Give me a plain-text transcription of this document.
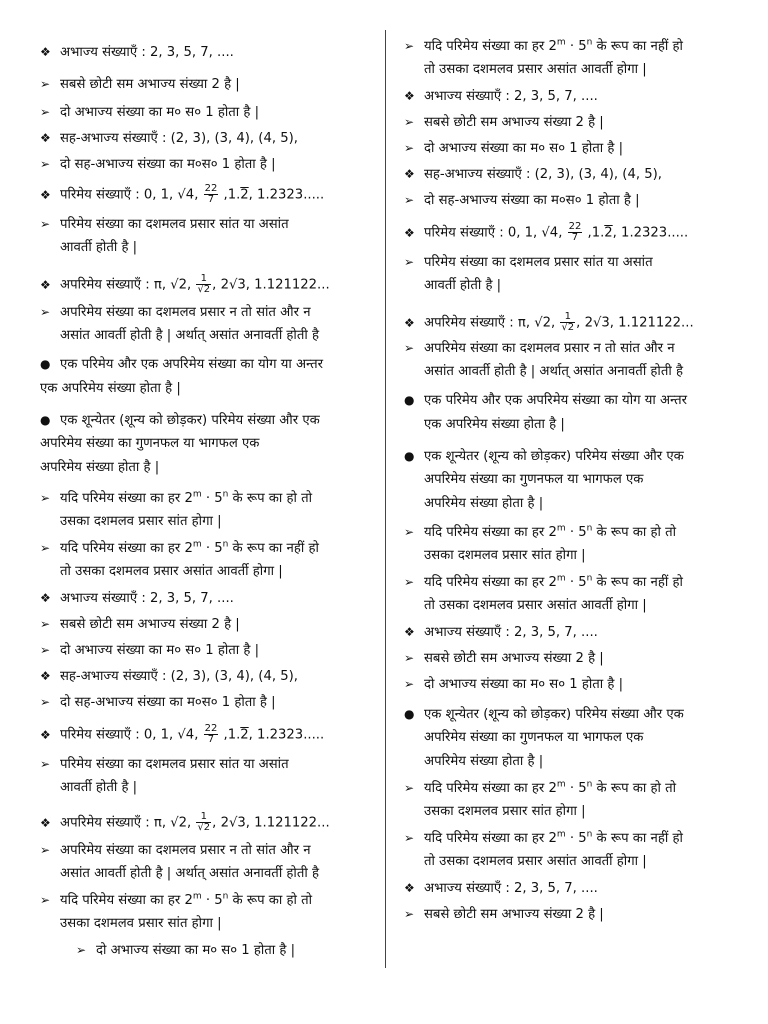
❖ अभाज्य संख्याएँ : 2, 3, 5, 7, ....
➢ सबसे छोटी सम अभाज्य संख्या 2 है |
➢ दो अभाज्य संख्या का म० स० 1 होता है |
❖ सह-अभाज्य संख्याएँ : (2, 3), (3, 4), (4, 5),
➢ दो सह-अभाज्य संख्या का म०स० 1 होता है |
❖ परिमेय संख्याएँ : 0, 1, √4, $\frac{22}{7} ,1.2$, 1.2323.....
➢ परिमेय संख्या का दशमलव प्रसार सांत या असांत
आवर्ती होती है |
❖ अपरिमेय संख्याएँ : π, √2, $\frac{1}{√2}$ , 2√3, 1.121122...
➢ अपरिमेय संख्या का दशमलव प्रसार न तो सांत और न
असांत आवर्ती होती है | अर्थात् असांत अनावर्ती होती है
● एक परिमेय और एक अपरिमेय संख्या का योग या अन्तर
एक अपरिमेय संख्या होता है |
● एक शून्येतर (शून्य को छोड़कर) परिमेय संख्या और एक
अपरिमेय संख्या का गुणनफल या भागफल एक
अपरिमेय संख्या होता है |
➢ यदि परिमेय संख्या का हर $2^m \cdot 5^n$ के रूप का हो तो
उसका दशमलव प्रसार सांत होगा |
➢ यदि परिमेय संख्या का हर $2^m \cdot 5^n$ के रूप का नहीं हो
तो उसका दशमलव प्रसार असांत आवर्ती होगा |
❖ अभाज्य संख्याएँ : 2, 3, 5, 7, ....
➢ सबसे छोटी सम अभाज्य संख्या 2 है |
➢ दो अभाज्य संख्या का म० स० 1 होता है |
❖ सह-अभाज्य संख्याएँ : (2, 3), (3, 4), (4, 5),
➢ दो सह-अभाज्य संख्या का म०स० 1 होता है |
❖ परिमेय संख्याएँ : 0, 1, √4, $\frac{22}{7} ,1.2$, 1.2323.....
➢ परिमेय संख्या का दशमलव प्रसार सांत या असांत
आवर्ती होती है |
❖ अपरिमेय संख्याएँ : π, √2, $\frac{1}{√2}$ , 2√3, 1.121122...
➢ अपरिमेय संख्या का दशमलव प्रसार न तो सांत और न
असांत आवर्ती होती है | अर्थात् असांत अनावर्ती होती है
➢ यदि परिमेय संख्या का हर $2^m \cdot 5^n$ के रूप का हो तो
उसका दशमलव प्रसार सांत होगा |
➢ दो अभाज्य संख्या का म० स० 1 होता है |
➢ यदि परिमेय संख्या का हर $2^m \cdot 5^n$ के रूप का नहीं हो
तो उसका दशमलव प्रसार असांत आवर्ती होगा |
❖ अभाज्य संख्याएँ : 2, 3, 5, 7, ....
➢ सबसे छोटी सम अभाज्य संख्या 2 है |
➢ दो अभाज्य संख्या का म० स० 1 होता है |
❖ सह-अभाज्य संख्याएँ : (2, 3), (3, 4), (4, 5),
➢ दो सह-अभाज्य संख्या का म०स० 1 होता है |
❖ परिमेय संख्याएँ : 0, 1, √4, $\frac{22}{7} ,1.2$, 1.2323.....
➢ परिमेय संख्या का दशमलव प्रसार सांत या असांत
आवर्ती होती है |
❖ अपरिमेय संख्याएँ : π, √2, $\frac{1}{√2}$ , 2√3, 1.121122...
➢ अपरिमेय संख्या का दशमलव प्रसार न तो सांत और न
असांत आवर्ती होती है | अर्थात् असांत अनावर्ती होती है
● एक परिमेय और एक अपरिमेय संख्या का योग या अन्तर
एक अपरिमेय संख्या होता है |
● एक शून्येतर (शून्य को छोड़कर) परिमेय संख्या और एक
अपरिमेय संख्या का गुणनफल या भागफल एक
अपरिमेय संख्या होता है |
➢ यदि परिमेय संख्या का हर $2^m \cdot 5^n$ के रूप का हो तो
उसका दशमलव प्रसार सांत होगा |
➢ यदि परिमेय संख्या का हर $2^m \cdot 5^n$ के रूप का नहीं हो
तो उसका दशमलव प्रसार असांत आवर्ती होगा |
❖ अभाज्य संख्याएँ : 2, 3, 5, 7, ....
➢ सबसे छोटी सम अभाज्य संख्या 2 है |
➢ दो अभाज्य संख्या का म० स० 1 होता है |
● एक शून्येतर (शून्य को छोड़कर) परिमेय संख्या और एक
अपरिमेय संख्या का गुणनफल या भागफल एक
अपरिमेय संख्या होता है |
➢ यदि परिमेय संख्या का हर $2^m \cdot 5^n$ के रूप का हो तो
उसका दशमलव प्रसार सांत होगा |
➢ यदि परिमेय संख्या का हर $2^m \cdot 5^n$ के रूप का नहीं हो
तो उसका दशमलव प्रसार असांत आवर्ती होगा |
❖ अभाज्य संख्याएँ : 2, 3, 5, 7, ....
➢ सबसे छोटी सम अभाज्य संख्या 2 है |
